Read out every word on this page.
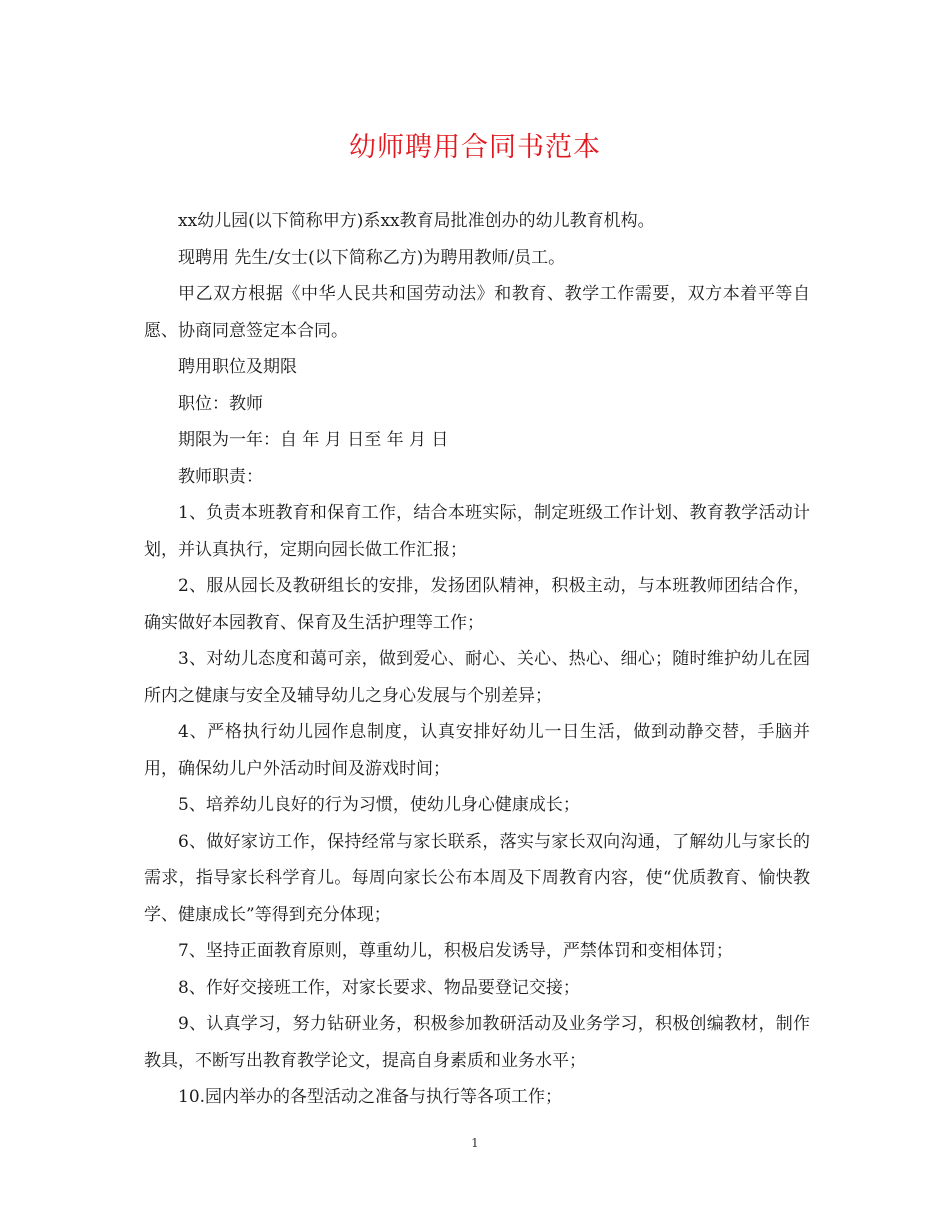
幼师聘用合同书范本

xx幼儿园(以下简称甲方)系xx教育局批准创办的幼儿教育机构。

现聘用 先生/女士(以下简称乙方)为聘用教师/员工。

甲乙双方根据《中华人民共和国劳动法》和教育、教学工作需要，双方本着平等自愿、协商同意签定本合同。

聘用职位及期限

职位：教师

期限为一年：自 年 月 日至 年 月 日

教师职责：

1、负责本班教育和保育工作，结合本班实际，制定班级工作计划、教育教学活动计划，并认真执行，定期向园长做工作汇报；

2、服从园长及教研组长的安排，发扬团队精神，积极主动，与本班教师团结合作，确实做好本园教育、保育及生活护理等工作；

3、对幼儿态度和蔼可亲，做到爱心、耐心、关心、热心、细心；随时维护幼儿在园所内之健康与安全及辅导幼儿之身心发展与个别差异；

4、严格执行幼儿园作息制度，认真安排好幼儿一日生活，做到动静交替，手脑并用，确保幼儿户外活动时间及游戏时间；

5、培养幼儿良好的行为习惯，使幼儿身心健康成长；

6、做好家访工作，保持经常与家长联系，落实与家长双向沟通，了解幼儿与家长的需求，指导家长科学育儿。每周向家长公布本周及下周教育内容，使“优质教育、愉快教学、健康成长”等得到充分体现；

7、坚持正面教育原则，尊重幼儿，积极启发诱导，严禁体罚和变相体罚；

8、作好交接班工作，对家长要求、物品要登记交接；

9、认真学习，努力钻研业务，积极参加教研活动及业务学习，积极创编教材，制作教具，不断写出教育教学论文，提高自身素质和业务水平；

10.园内举办的各型活动之准备与执行等各项工作；

1
